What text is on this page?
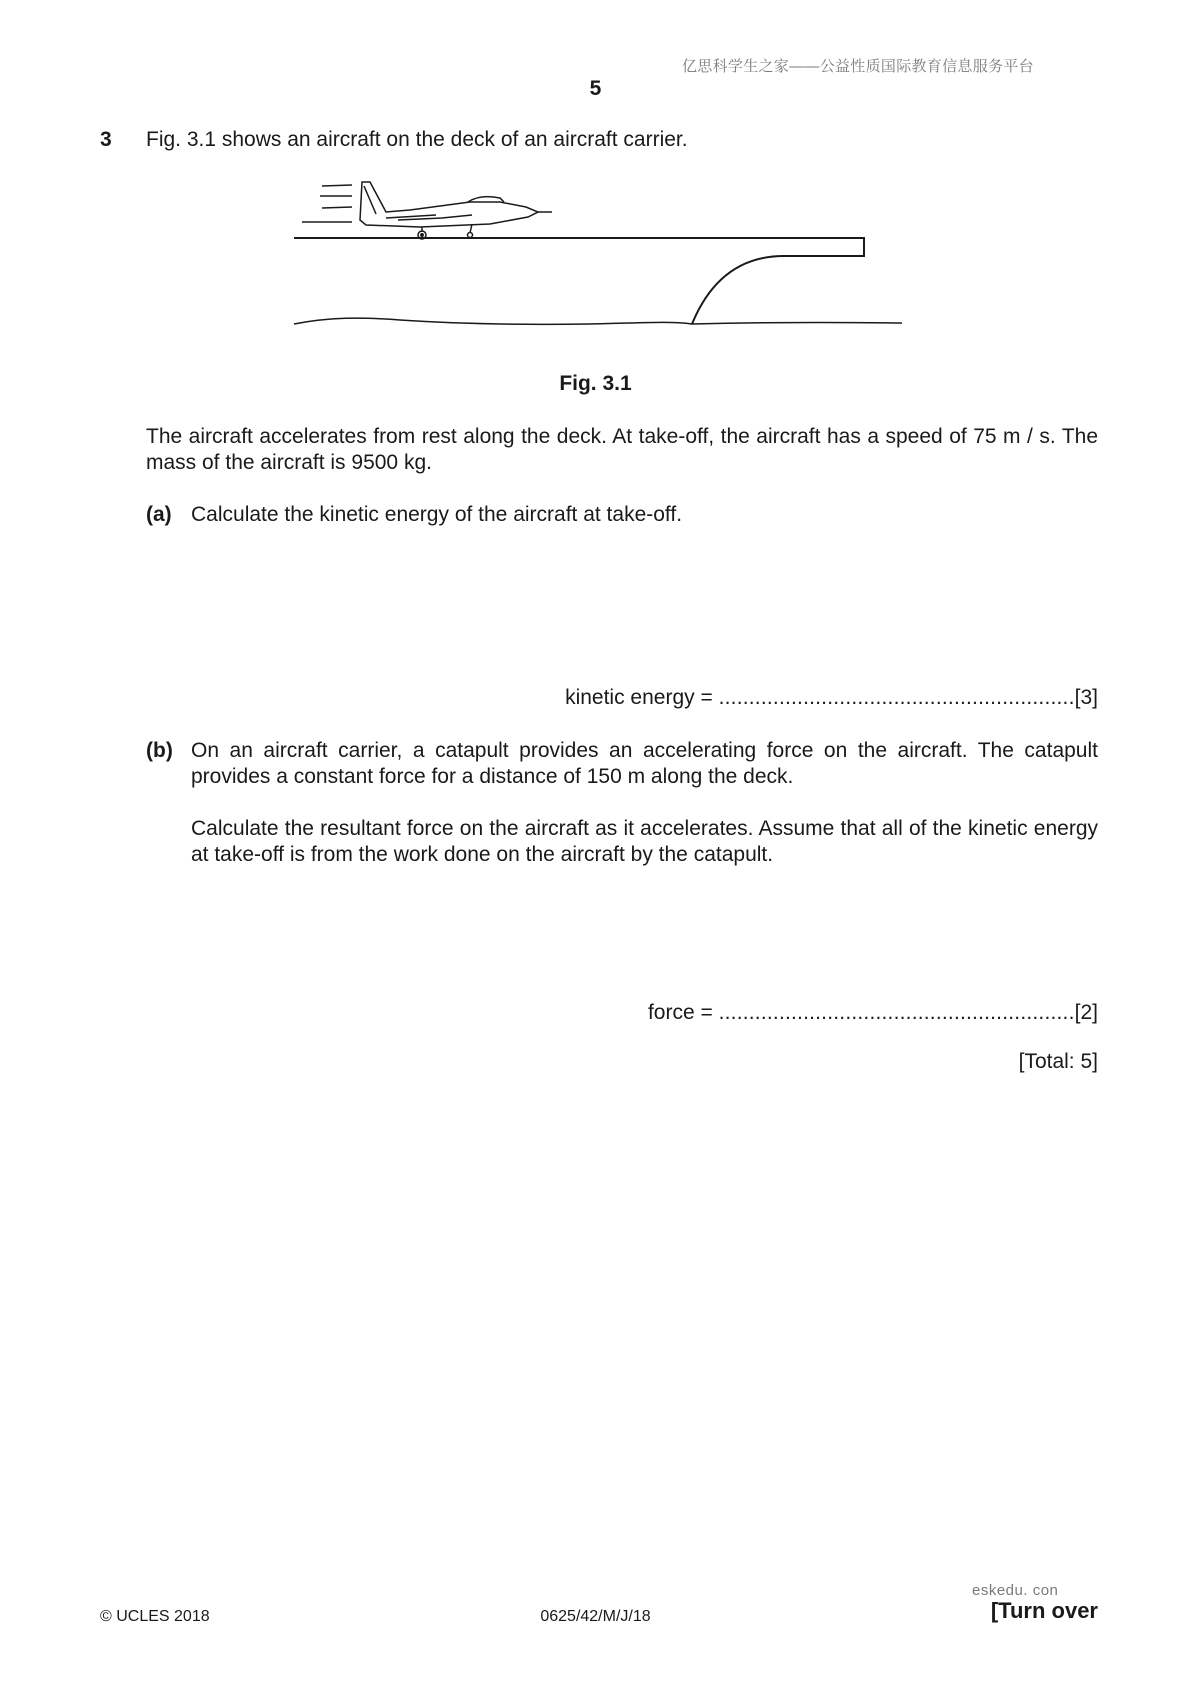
亿思科学生之家——公益性质国际教育信息服务平台
5
3 Fig. 3.1 shows an aircraft on the deck of an aircraft carrier.
Fig. 3.1
The aircraft accelerates from rest along the deck. At take-off, the aircraft has a speed of 75 m / s. The mass of the aircraft is 9500 kg.
(a) Calculate the kinetic energy of the aircraft at take-off.
kinetic energy = ...........................................................[3]
(b) On an aircraft carrier, a catapult provides an accelerating force on the aircraft. The catapult provides a constant force for a distance of 150 m along the deck.
Calculate the resultant force on the aircraft as it accelerates. Assume that all of the kinetic energy at take-off is from the work done on the aircraft by the catapult.
force = ...........................................................[2]
[Total: 5]
eskedu. con
© UCLES 2018	0625/42/M/J/18	[Turn over
